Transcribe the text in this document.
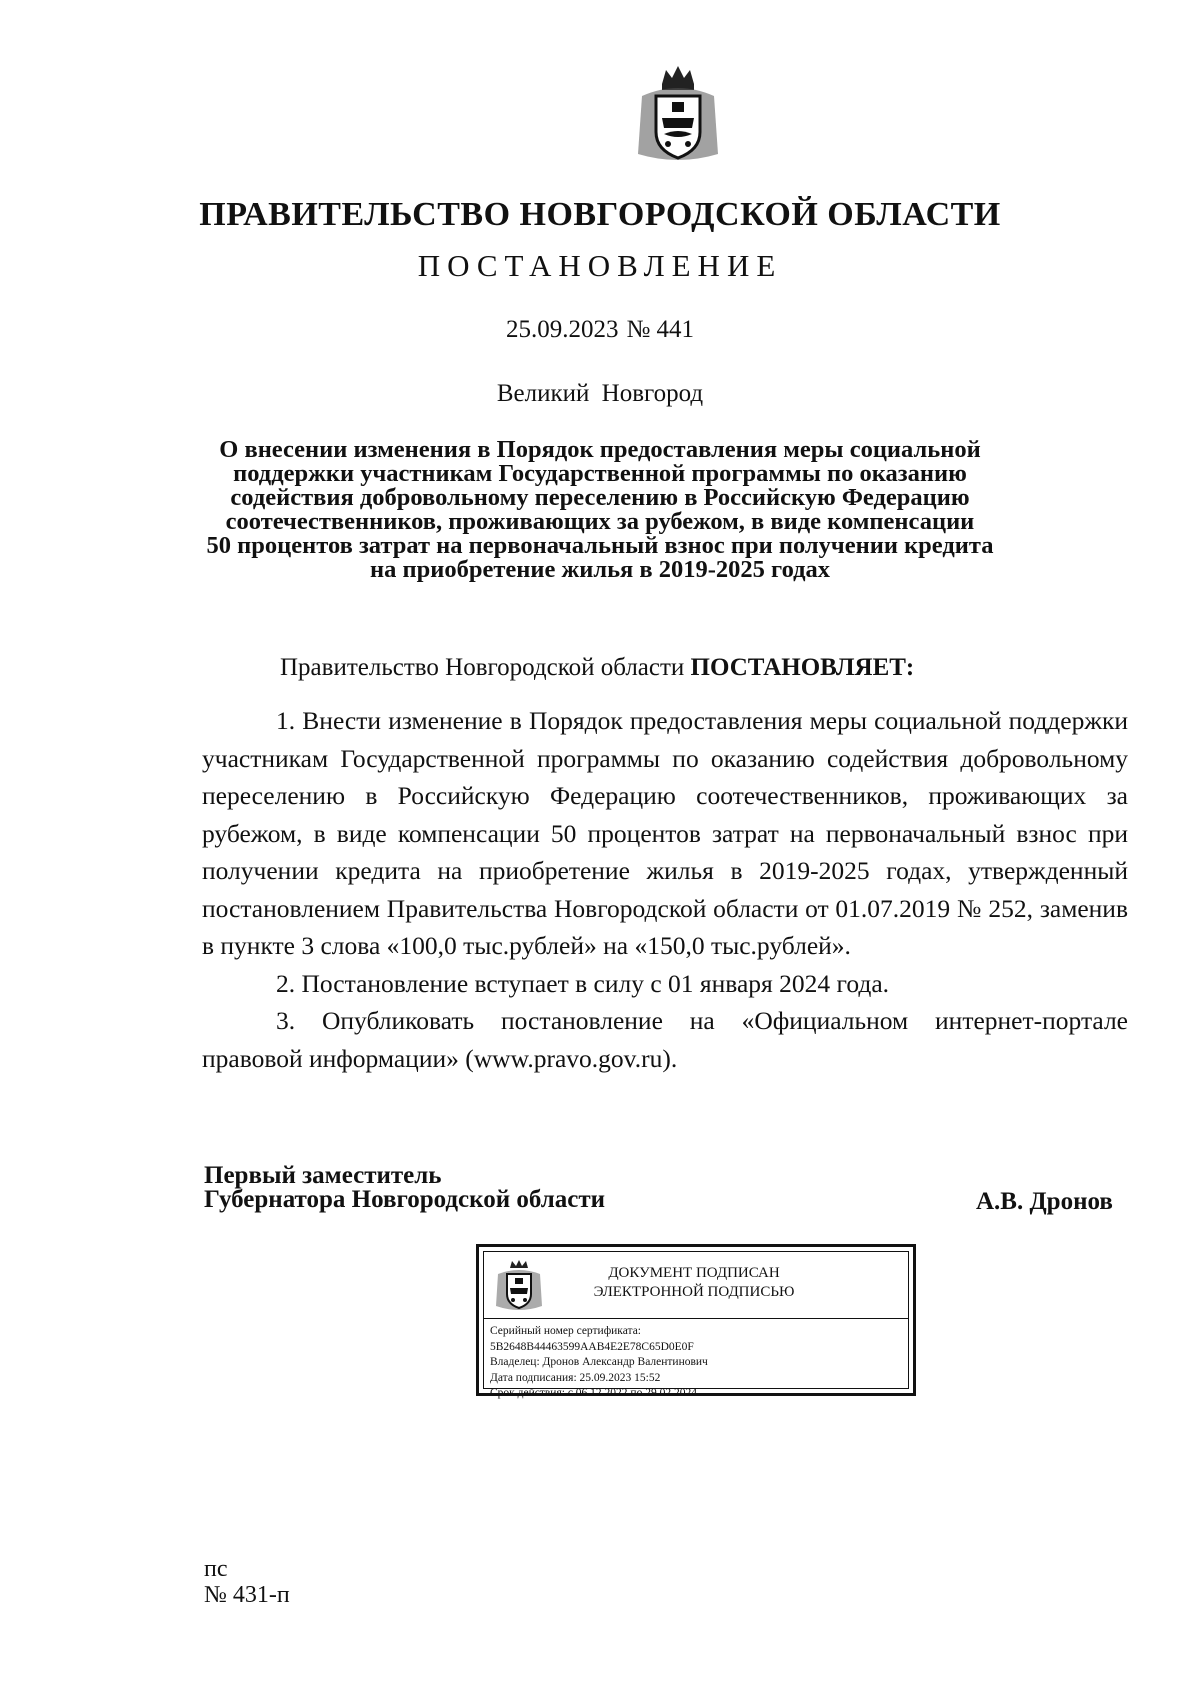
ПРАВИТЕЛЬСТВО НОВГОРОДСКОЙ ОБЛАСТИ
ПОСТАНОВЛЕНИЕ
25.09.2023 № 441
Великий Новгород
О внесении изменения в Порядок предоставления меры социальной
поддержки участникам Государственной программы по оказанию
содействия добровольному переселению в Российскую Федерацию
соотечественников, проживающих за рубежом, в виде компенсации
50 процентов затрат на первоначальный взнос при получении кредита
на приобретение жилья в 2019-2025 годах
Правительство Новгородской области ПОСТАНОВЛЯЕТ:

1. Внести изменение в Порядок предоставления меры социальной поддержки участникам Государственной программы по оказанию содействия добровольному переселению в Российскую Федерацию соотечественников, проживающих за рубежом, в виде компенсации 50 процентов затрат на первоначальный взнос при получении кредита на приобретение жилья в 2019-2025 годах, утвержденный постановлением Правительства Новгородской области от 01.07.2019 № 252, заменив в пункте 3 слова «100,0 тыс.рублей» на «150,0 тыс.рублей».

2. Постановление вступает в силу с 01 января 2024 года.

3. Опубликовать постановление на «Официальном интернет-портале правовой информации» (www.pravo.gov.ru).

Первый заместитель
Губернатора Новгородской области	А.В. Дронов
ДОКУМЕНТ ПОДПИСАН
ЭЛЕКТРОННОЙ ПОДПИСЬЮ
Серийный номер сертификата:
5B2648B44463599AAB4E2E78C65D0E0F
Владелец: Дронов Александр Валентинович
Дата подписания: 25.09.2023 15:52
Срок действия: с 06.12.2022 по 29.02.2024
пс
№ 431-п
